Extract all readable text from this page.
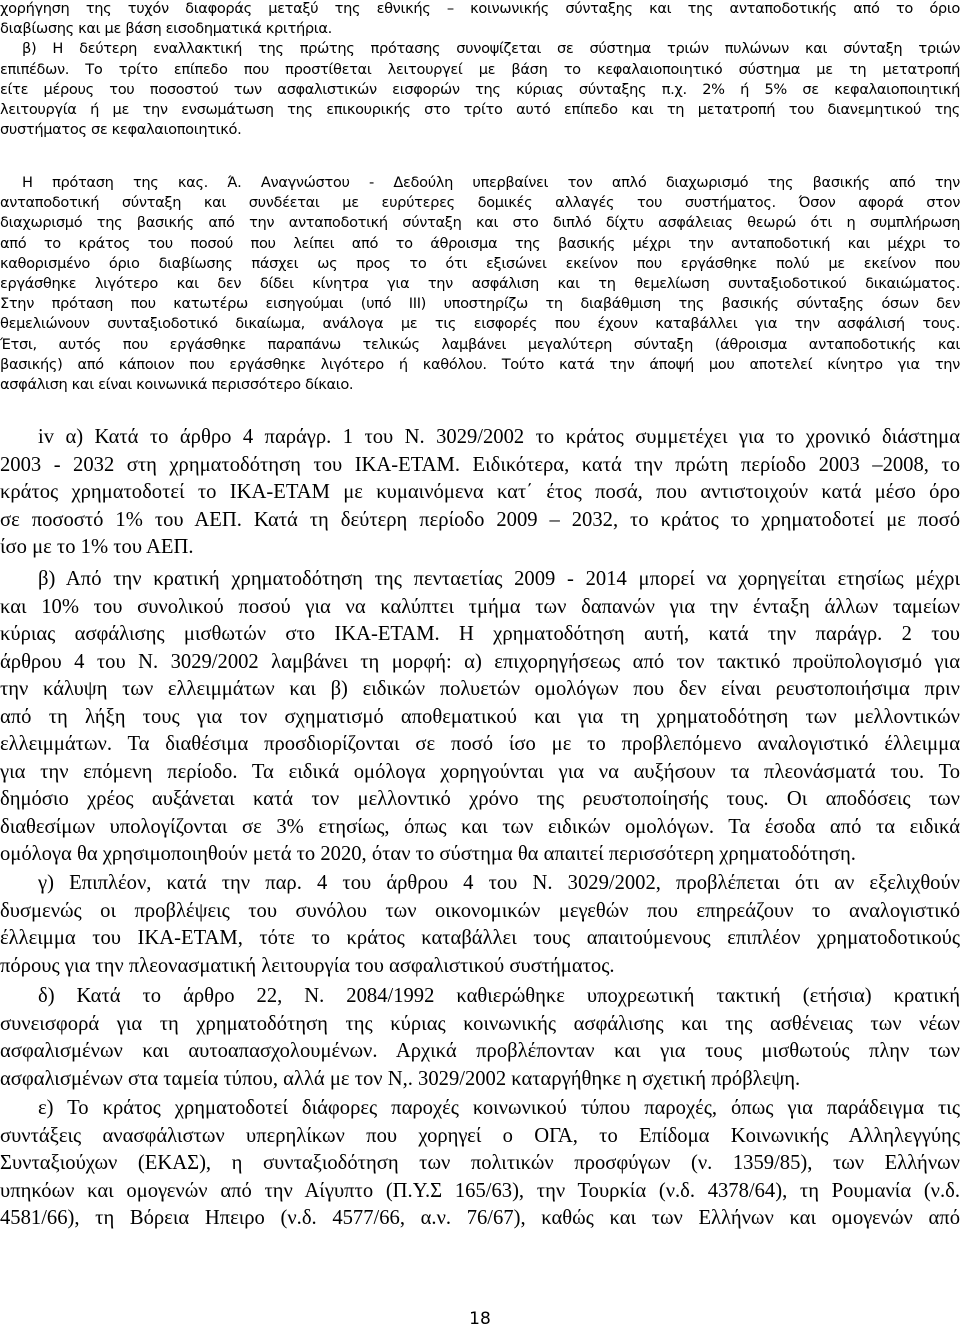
χορήγηση της τυχόν διαφοράς μεταξύ της εθνικής – κοινωνικής σύνταξης και της ανταποδοτικής από το όριο
διαβίωσης και με βάση εισοδηματικά κριτήρια.
β) Η δεύτερη εναλλακτική της πρώτης πρότασης συνοψίζεται σε σύστημα τριών πυλώνων και σύνταξη τριών
επιπέδων. Το τρίτο επίπεδο που προστίθεται λειτουργεί με βάση το κεφαλαιοποιητικό σύστημα με τη μετατροπή
είτε μέρους του ποσοστού των ασφαλιστικών εισφορών της κύριας σύνταξης π.χ. 2% ή 5% σε κεφαλαιοποιητική
λειτουργία ή με την ενσωμάτωση της επικουρικής στο τρίτο αυτό επίπεδο και τη μετατροπή του διανεμητικού της
συστήματος σε κεφαλαιοποιητικό.
Η πρόταση της κας. Ά. Αναγνώστου - Δεδούλη υπερβαίνει τον απλό διαχωρισμό της βασικής από την
ανταποδοτική σύνταξη και συνδέεται με ευρύτερες δομικές αλλαγές του συστήματος. Όσον αφορά στον
διαχωρισμό της βασικής από την ανταποδοτική σύνταξη και στο διπλό δίχτυ ασφάλειας θεωρώ ότι η συμπλήρωση
από το κράτος του ποσού που λείπει από το άθροισμα της βασικής μέχρι την ανταποδοτική και μέχρι το
καθορισμένο όριο διαβίωσης πάσχει ως προς το ότι εξισώνει εκείνον που εργάσθηκε πολύ με εκείνον που
εργάσθηκε λιγότερο και δεν δίδει κίνητρα για την ασφάλιση και τη θεμελίωση συνταξιοδοτικού δικαιώματος.
Στην πρόταση που κατωτέρω εισηγούμαι (υπό ΙΙΙ) υποστηρίζω τη διαβάθμιση της βασικής σύνταξης όσων δεν
θεμελιώνουν συνταξιοδοτικό δικαίωμα, ανάλογα με τις εισφορές που έχουν καταβάλλει για την ασφάλισή τους.
Έτσι, αυτός που εργάσθηκε παραπάνω τελικώς λαμβάνει μεγαλύτερη σύνταξη (άθροισμα ανταποδοτικής και
βασικής) από κάποιον που εργάσθηκε λιγότερο ή καθόλου. Τούτο κατά την άποψή μου αποτελεί κίνητρο για την
ασφάλιση και είναι κοινωνικά περισσότερο δίκαιο.
iv α) Κατά το άρθρο 4 παράγρ. 1 του Ν. 3029/2002 το κράτος συμμετέχει για το χρονικό διάστημα
2003 - 2032 στη χρηματοδότηση του ΙΚΑ-ΕΤΑΜ. Ειδικότερα, κατά την πρώτη περίοδο 2003 –2008, το
κράτος χρηματοδοτεί το ΙΚΑ-ΕΤΑΜ με κυμαινόμενα κατ΄ έτος ποσά, που αντιστοιχούν κατά μέσο όρο
σε ποσοστό 1% του ΑΕΠ. Κατά τη δεύτερη περίοδο 2009 – 2032, το κράτος το χρηματοδοτεί με ποσό
ίσο με το 1% του ΑΕΠ.
β) Από την κρατική χρηματοδότηση της πενταετίας 2009 - 2014 μπορεί να χορηγείται ετησίως μέχρι
και 10% του συνολικού ποσού για να καλύπτει τμήμα των δαπανών για την ένταξη άλλων ταμείων
κύριας ασφάλισης μισθωτών στο ΙΚΑ-ΕΤΑΜ. Η χρηματοδότηση αυτή, κατά την παράγρ. 2 του
άρθρου 4 του Ν. 3029/2002 λαμβάνει τη μορφή: α) επιχορηγήσεως από τον τακτικό προϋπολογισμό για
την κάλυψη των ελλειμμάτων και β) ειδικών πολυετών ομολόγων που δεν είναι ρευστοποιήσιμα πριν
από τη λήξη τους για τον σχηματισμό αποθεματικού και για τη χρηματοδότηση των μελλοντικών
ελλειμμάτων. Τα διαθέσιμα προσδιορίζονται σε ποσό ίσο με το προβλεπόμενο αναλογιστικό έλλειμμα
για την επόμενη περίοδο. Τα ειδικά ομόλογα χορηγούνται για να αυξήσουν τα πλεονάσματά του. Το
δημόσιο χρέος αυξάνεται κατά τον μελλοντικό χρόνο της ρευστοποίησής τους. Οι αποδόσεις των
διαθεσίμων υπολογίζονται σε 3% ετησίως, όπως και των ειδικών ομολόγων. Τα έσοδα από τα ειδικά
ομόλογα θα χρησιμοποιηθούν μετά το 2020, όταν το σύστημα θα απαιτεί περισσότερη χρηματοδότηση.
γ) Επιπλέον, κατά την παρ. 4 του άρθρου 4 του Ν. 3029/2002, προβλέπεται ότι αν εξελιχθούν
δυσμενώς οι προβλέψεις του συνόλου των οικονομικών μεγεθών που επηρεάζουν το αναλογιστικό
έλλειμμα του ΙΚΑ-ΕΤΑΜ, τότε το κράτος καταβάλλει τους απαιτούμενους επιπλέον χρηματοδοτικούς
πόρους για την πλεονασματική λειτουργία του ασφαλιστικού συστήματος.
δ) Κατά το άρθρο 22, Ν. 2084/1992 καθιερώθηκε υποχρεωτική τακτική (ετήσια) κρατική
συνεισφορά για τη χρηματοδότηση της κύριας κοινωνικής ασφάλισης και της ασθένειας των νέων
ασφαλισμένων και αυτοαπασχολουμένων. Αρχικά προβλέπονταν και για τους μισθωτούς πλην των
ασφαλισμένων στα ταμεία τύπου, αλλά με τον Ν,. 3029/2002 καταργήθηκε η σχετική πρόβλεψη.
ε) Το κράτος χρηματοδοτεί διάφορες παροχές κοινωνικού τύπου παροχές, όπως για παράδειγμα τις
συντάξεις ανασφάλιστων υπερηλίκων που χορηγεί ο ΟΓΑ, το Επίδομα Κοινωνικής Αλληλεγγύης
Συνταξιούχων (ΕΚΑΣ), η συνταξιοδότηση των πολιτικών προσφύγων (ν. 1359/85), των Ελλήνων
υπηκόων και ομογενών από την Αίγυπτο (Π.Υ.Σ 165/63), την Τουρκία (ν.δ. 4378/64), τη Ρουμανία (ν.δ.
4581/66), τη Βόρεια Ηπειρο (ν.δ. 4577/66, α.ν. 76/67), καθώς και των Ελλήνων και ομογενών από
18
